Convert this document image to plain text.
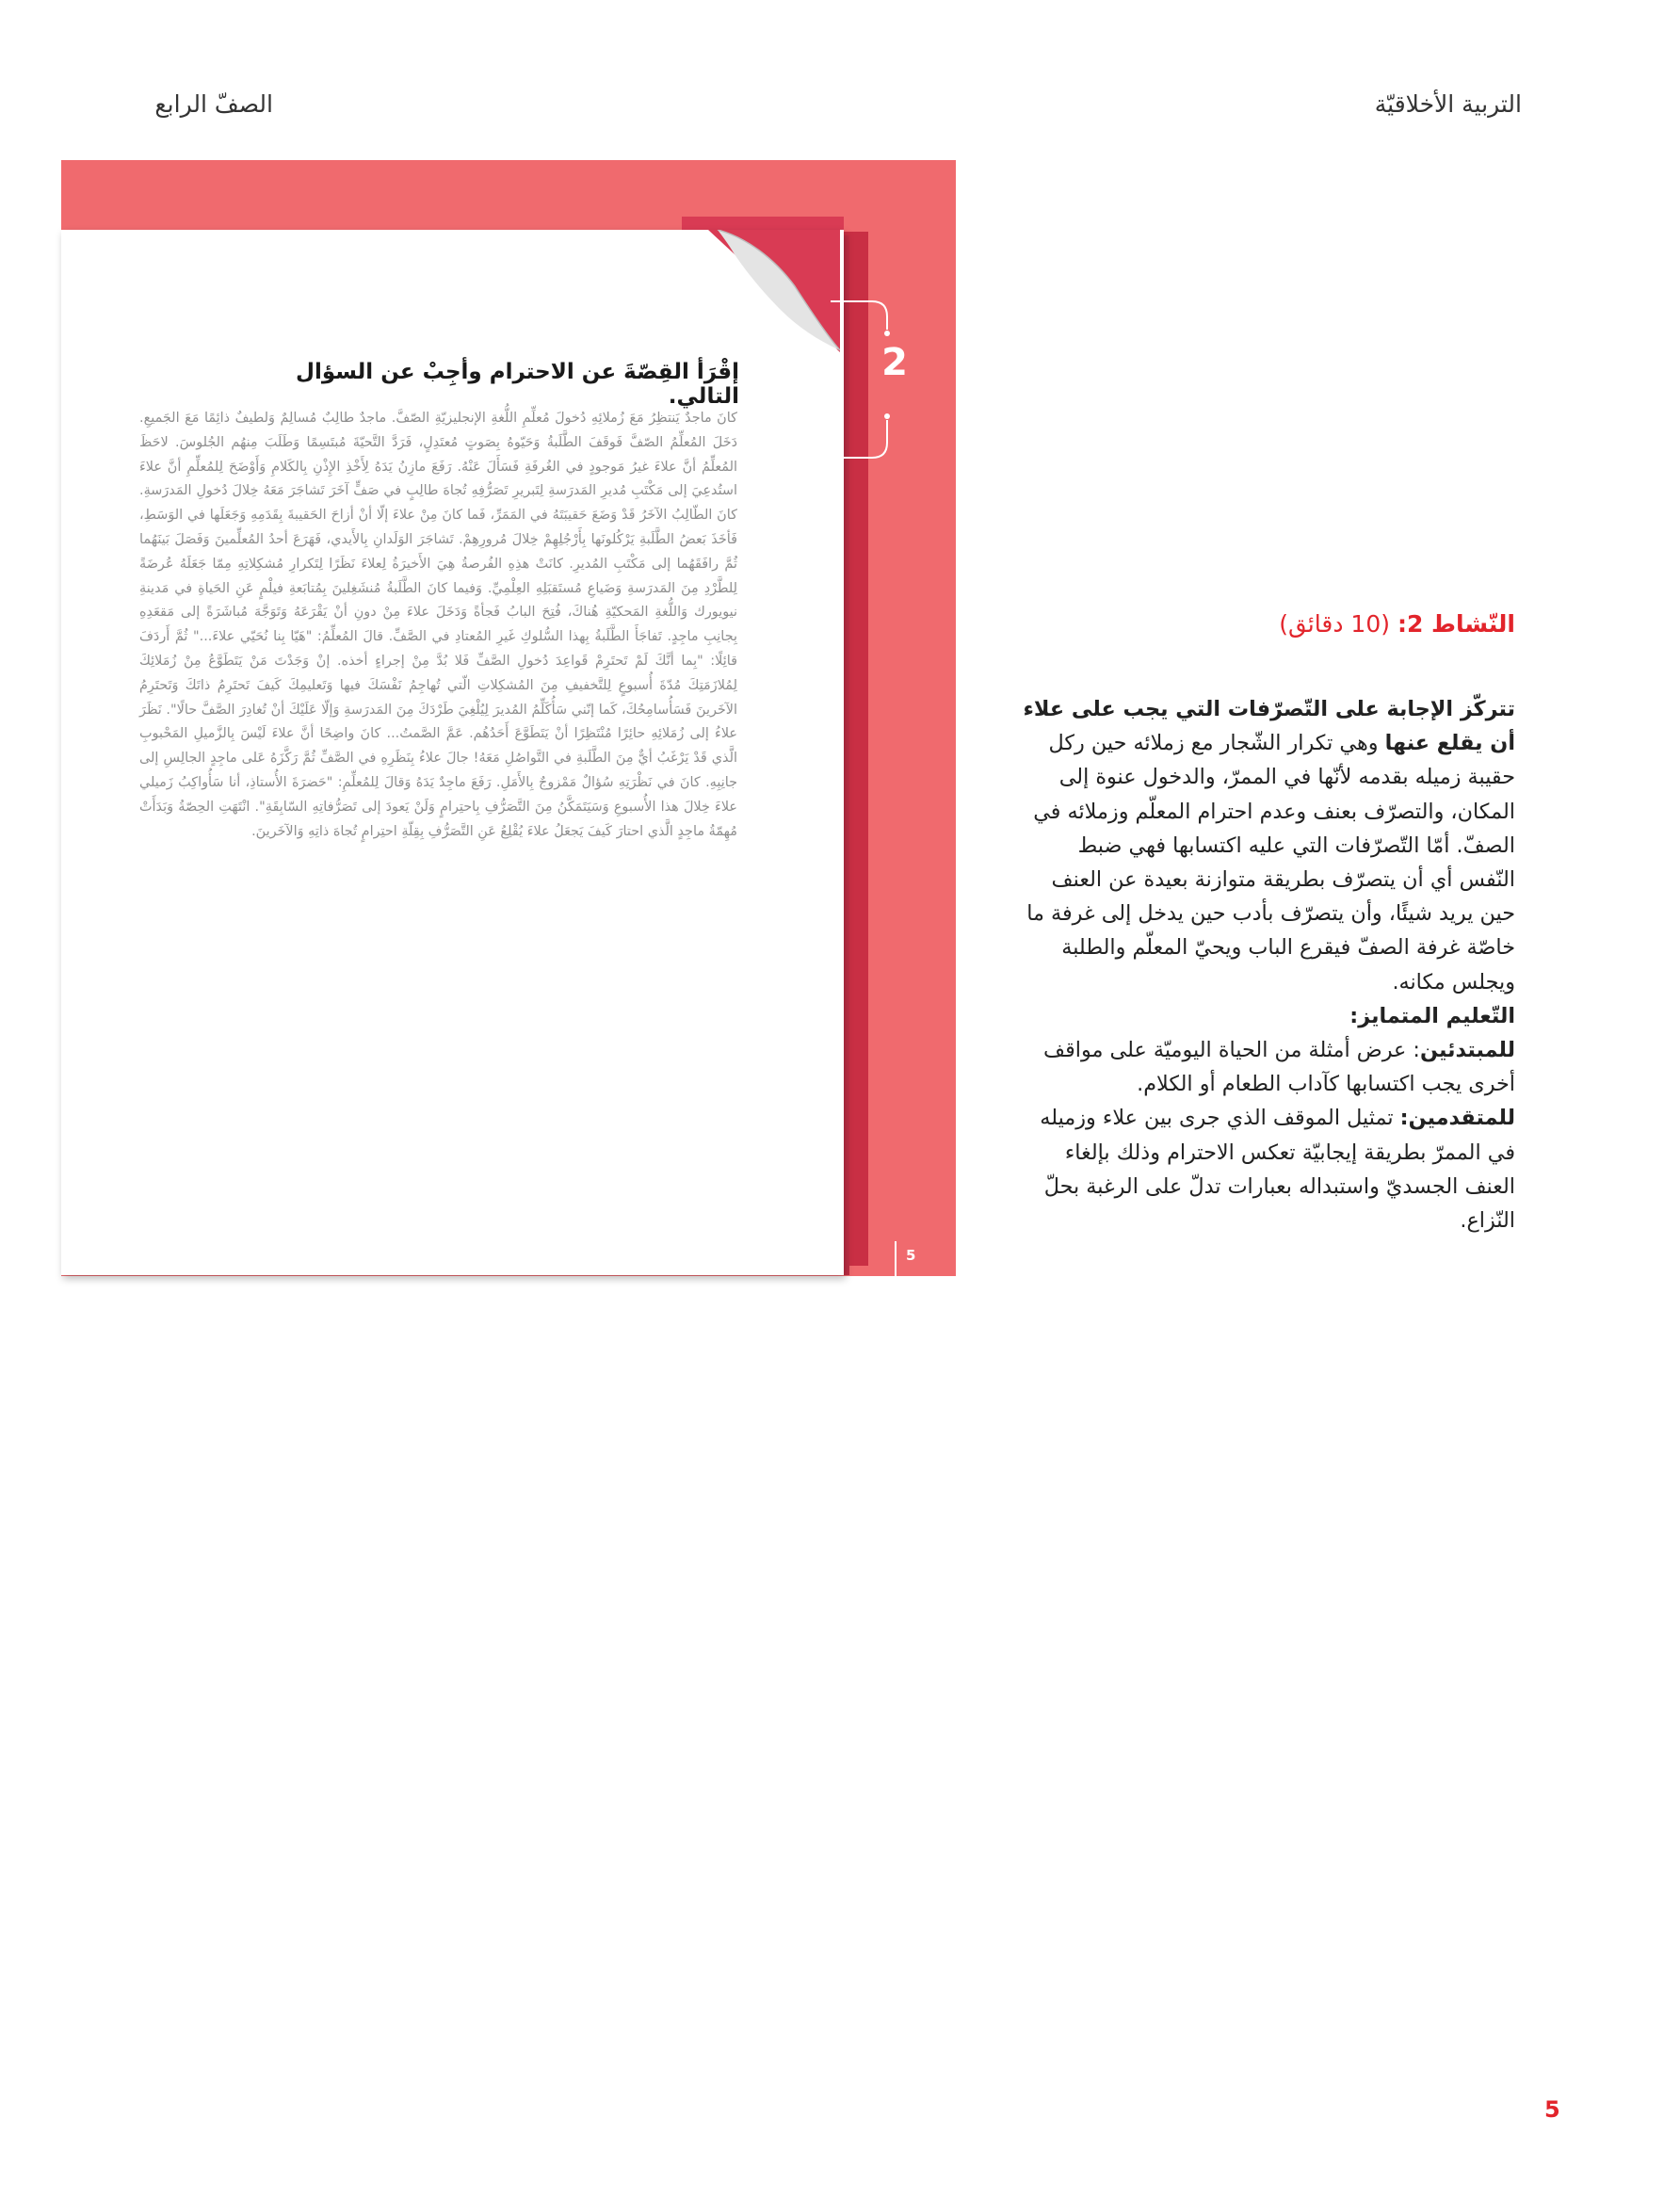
التربية الأخلاقيّة
الصفّ الرابع
2
5
إقْرَأ القِصّةَ عن الاحترام وأجِبْ عن السؤال التالي.
كانَ ماجدٌ يَنتظِرُ مَعَ زُملائِهِ دُخولَ مُعلِّمِ اللُّغةِ الإنجليزيّةِ الصّفَّ. ماجدٌ طالِبٌ مُسالِمٌ وَلطيفٌ ذائِمًا مَعَ الجَميعِ. دَخَلَ المُعلِّمُ الصّفَّ فَوقَفَ الطَّلَبةُ وَحَيّوهُ بِصَوتٍ مُعتَدِلٍ، فَرَدَّ التَّحيّةَ مُبتَسِمًا وَطَلَبَ مِنهُم الجُلوسَ. لاحَظَ المُعلِّمُ أنَّ علاءَ غيرُ مَوجودٍ في الغُرفَةِ فَسَأَلَ عَنْهُ. رَفَعَ مازِنُ يَدَهُ لِأَخْذِ الإِذْنِ بِالكَلامِ وَأَوْضَحَ لِلمُعلِّمِ أنَّ علاءَ استُدعِيَ إلى مَكْتَبِ مُديرِ المَدرَسةِ لِتَبريرِ تَصَرُّفِهِ تُجاهَ طالِبٍ في صَفٍّ آخَرَ تَشاجَرَ مَعَهُ خِلالَ دُخولِ المَدرَسةِ. كانَ الطّالِبُ الآخَرُ قَدْ وَضَعَ حَقيبَتَهُ في المَمَرِّ، فَما كانَ مِنْ علاءَ إلّا أنْ أزاحَ الحَقيبةَ بِقَدَمِهِ وَجَعَلَها في الوَسَطِ، فَأخَذَ بَعضُ الطَّلَبةِ يَرْكُلونَها بِأَرْجُلِهِمْ خِلالَ مُرورِهِمْ. تَشاجَرَ الوَلَدانِ بِالأَيدي، فَهَرَعَ أحدُ المُعلِّمينَ وَفَصَلَ بَينَهُما ثُمَّ رافَقَهُما إلى مَكْتَبِ المُديرِ. كانَتْ هذِهِ الفُرصةُ هِيَ الأَخيرَةُ لِعلاءَ نَظَرًا لِتَكرارِ مُشكِلاتِهِ مِمّا جَعَلَهُ عُرضَةً لِلطَّرْدِ مِنَ المَدرَسةِ وَضَياعِ مُستَقبَلِهِ العِلْمِيِّ. وَفيما كانَ الطَّلَبةُ مُنشَغِلينَ بِمُتابَعةِ فيلْمٍ عَنِ الحَياةِ في مَدينةِ نيويورك وَاللُّغةِ المَحكيّةِ هُناكَ، فُتِحَ البابُ فَجأةً وَدَخَلَ علاءَ مِنْ دونِ أنْ يَقْرَعَهُ وَتَوَجَّهَ مُباشَرَةً إلى مَقعَدِهِ بِجانِبِ ماجِدٍ. تَفاجَأَ الطَّلَبةُ بِهذا السُّلوكِ غَيرِ المُعتادِ في الصَّفِّ. قالَ المُعلِّمُ: "هَيّا بِنا نُحَيّي علاءَ..." ثُمَّ أَردَفَ قائِلًا: "بِما أنَّكَ لَمْ تَحتَرِمْ قَواعِدَ دُخولِ الصَّفِّ فَلا بُدَّ مِنْ إجراءٍ أخذه. إنْ وَجَدْتَ مَنْ يَتَطَوَّعُ مِنْ زُمَلائِكَ لِمُلازَمَتِكَ مُدّةَ أُسبوعٍ لِلتَّخفيفِ مِنَ المُشكِلاتِ الّتي تُهاجِمُ نَفْسَكَ فيها وَتَعليمِكَ كَيفَ تَحتَرِمُ ذاتَكَ وَتَحتَرِمُ الآخَرينَ فَسَأُسامِحُكَ، كَما إنّني سَأُكَلِّمُ المُديرَ لِيُلْغِيَ طَرْدَكَ مِنَ المَدرَسةِ وَإلّا عَلَيْكَ أنْ تُغادِرَ الصَّفَّ حالًا". نَظَرَ علاءُ إلى زُمَلائِهِ حائِرًا مُنْتَظِرًا أنْ يَتَطَوَّعَ أَحَدُهُم. عَمَّ الصَّمتُ... كانَ واضِحًا أنَّ علاءَ لَيْسَ بِالزَّميلِ المَحْبوبِ الَّذي قَدْ يَرْغَبُ أيٌّ مِنَ الطَّلَبةِ في التَّواصُلِ مَعَهُ! جالَ علاءُ بِنَظَرِهِ في الصَّفِّ ثُمَّ رَكَّزَهُ عَلى ماجِدٍ الجالِسِ إلى جانِبِهِ. كانَ في نَظْرَتِهِ سُؤالٌ مَمْزوجٌ بِالأَمَلِ. رَفَعَ ماجِدٌ يَدَهُ وَقالَ لِلمُعلِّمِ: "حَضرَةَ الأُستاذِ، أنا سَأُواكِبُ زَميلي علاءَ خِلالَ هذا الأُسبوعِ وَسَيَتَمَكَّنُ مِنَ التَّصَرُّفِ بِاحتِرامٍ وَلَنْ يَعودَ إلى تَصَرُّفاتِهِ السّابِقَةِ". انْتَهَتِ الحِصّةُ وَبَدَأَتْ مُهِمّةُ ماجِدٍ الَّذي احتارَ كَيفَ يَجعَلُ علاءَ يُقْلِعُ عَنِ التَّصَرُّفِ بِقِلّةِ احتِرامٍ تُجاهَ ذاتِهِ وَالآخَرينَ.
النّشاط 2: (10 دقائق)

تتركّز الإجابة على التّصرّفات التي يجب على علاء أن يقلع عنها وهي تكرار الشّجار مع زملائه حين ركل حقيبة زميله بقدمه لأنّها في الممرّ، والدخول عنوة إلى المكان، والتصرّف بعنف وعدم احترام المعلّم وزملائه في الصفّ. أمّا التّصرّفات التي عليه اكتسابها فهي ضبط النّفس أي أن يتصرّف بطريقة متوازنة بعيدة عن العنف حين يريد شيئًا، وأن يتصرّف بأدب حين يدخل إلى غرفة ما خاصّة غرفة الصفّ فيقرع الباب ويحيّ المعلّم والطلبة ويجلس مكانه.

التّعليم المتمايز:

للمبتدئين: عرض أمثلة من الحياة اليوميّة على مواقف أخرى يجب اكتسابها كآداب الطعام أو الكلام.

للمتقدمين: تمثيل الموقف الذي جرى بين علاء وزميله في الممرّ بطريقة إيجابيّة تعكس الاحترام وذلك بإلغاء العنف الجسديّ واستبداله بعبارات تدلّ على الرغبة بحلّ النّزاع.

5
